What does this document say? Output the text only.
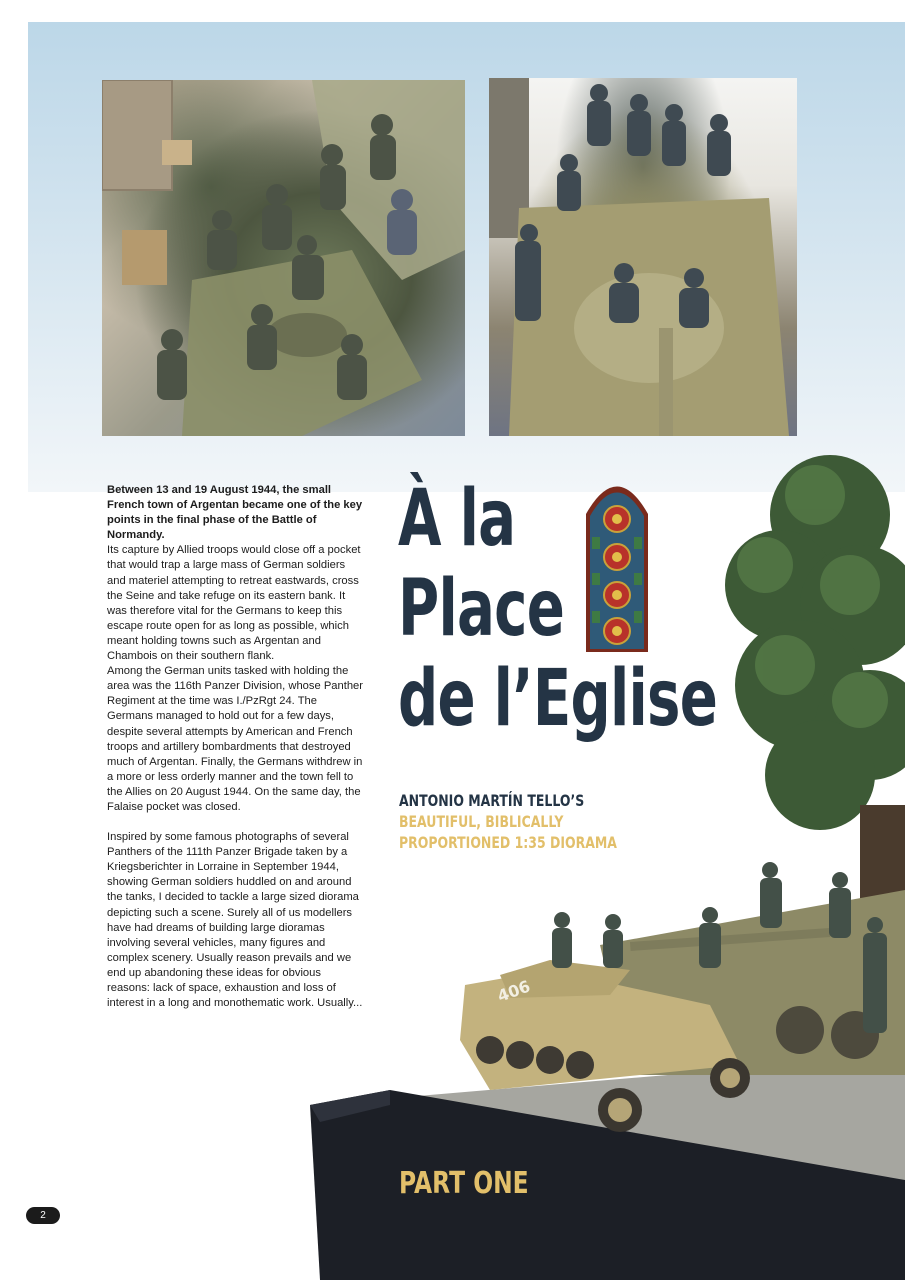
406

Between 13 and 19 August 1944, the small French town of Argentan became one of the key points in the final phase of the Battle of Normandy.

Its capture by Allied troops would close off a pocket that would trap a large mass of German soldiers and materiel attempting to retreat eastwards, cross the Seine and take refuge on its eastern bank. It was therefore vital for the Germans to keep this escape route open for as long as possible, which meant holding towns such as Argentan and Chambois on their southern flank.

Among the German units tasked with holding the area was the 116th Panzer Division, whose Panther Regiment at the time was I./PzRgt 24. The Germans managed to hold out for a few days, despite several attempts by American and French troops and artillery bombardments that destroyed much of Argentan. Finally, the Germans withdrew in a more or less orderly manner and the town fell to the Allies on 20 August 1944. On the same day, the Falaise pocket was closed.

Inspired by some famous photographs of several Panthers of the 111th Panzer Brigade taken by a Kriegsberichter in Lorraine in September 1944, showing German soldiers huddled on and around the tanks, I decided to tackle a large sized diorama depicting such a scene. Surely all of us modellers have had dreams of building large dioramas involving several vehicles, many figures and complex scenery. Usually reason prevails and we end up abandoning these ideas for obvious reasons: lack of space, exhaustion and loss of interest in a long and monothematic work. Usually...

À la
Place
de l’Eglise
ANTONIO MARTÍN TELLO’S
BEAUTIFUL, BIBLICALLY
PROPORTIONED 1:35 DIORAMA
PART ONE
2
